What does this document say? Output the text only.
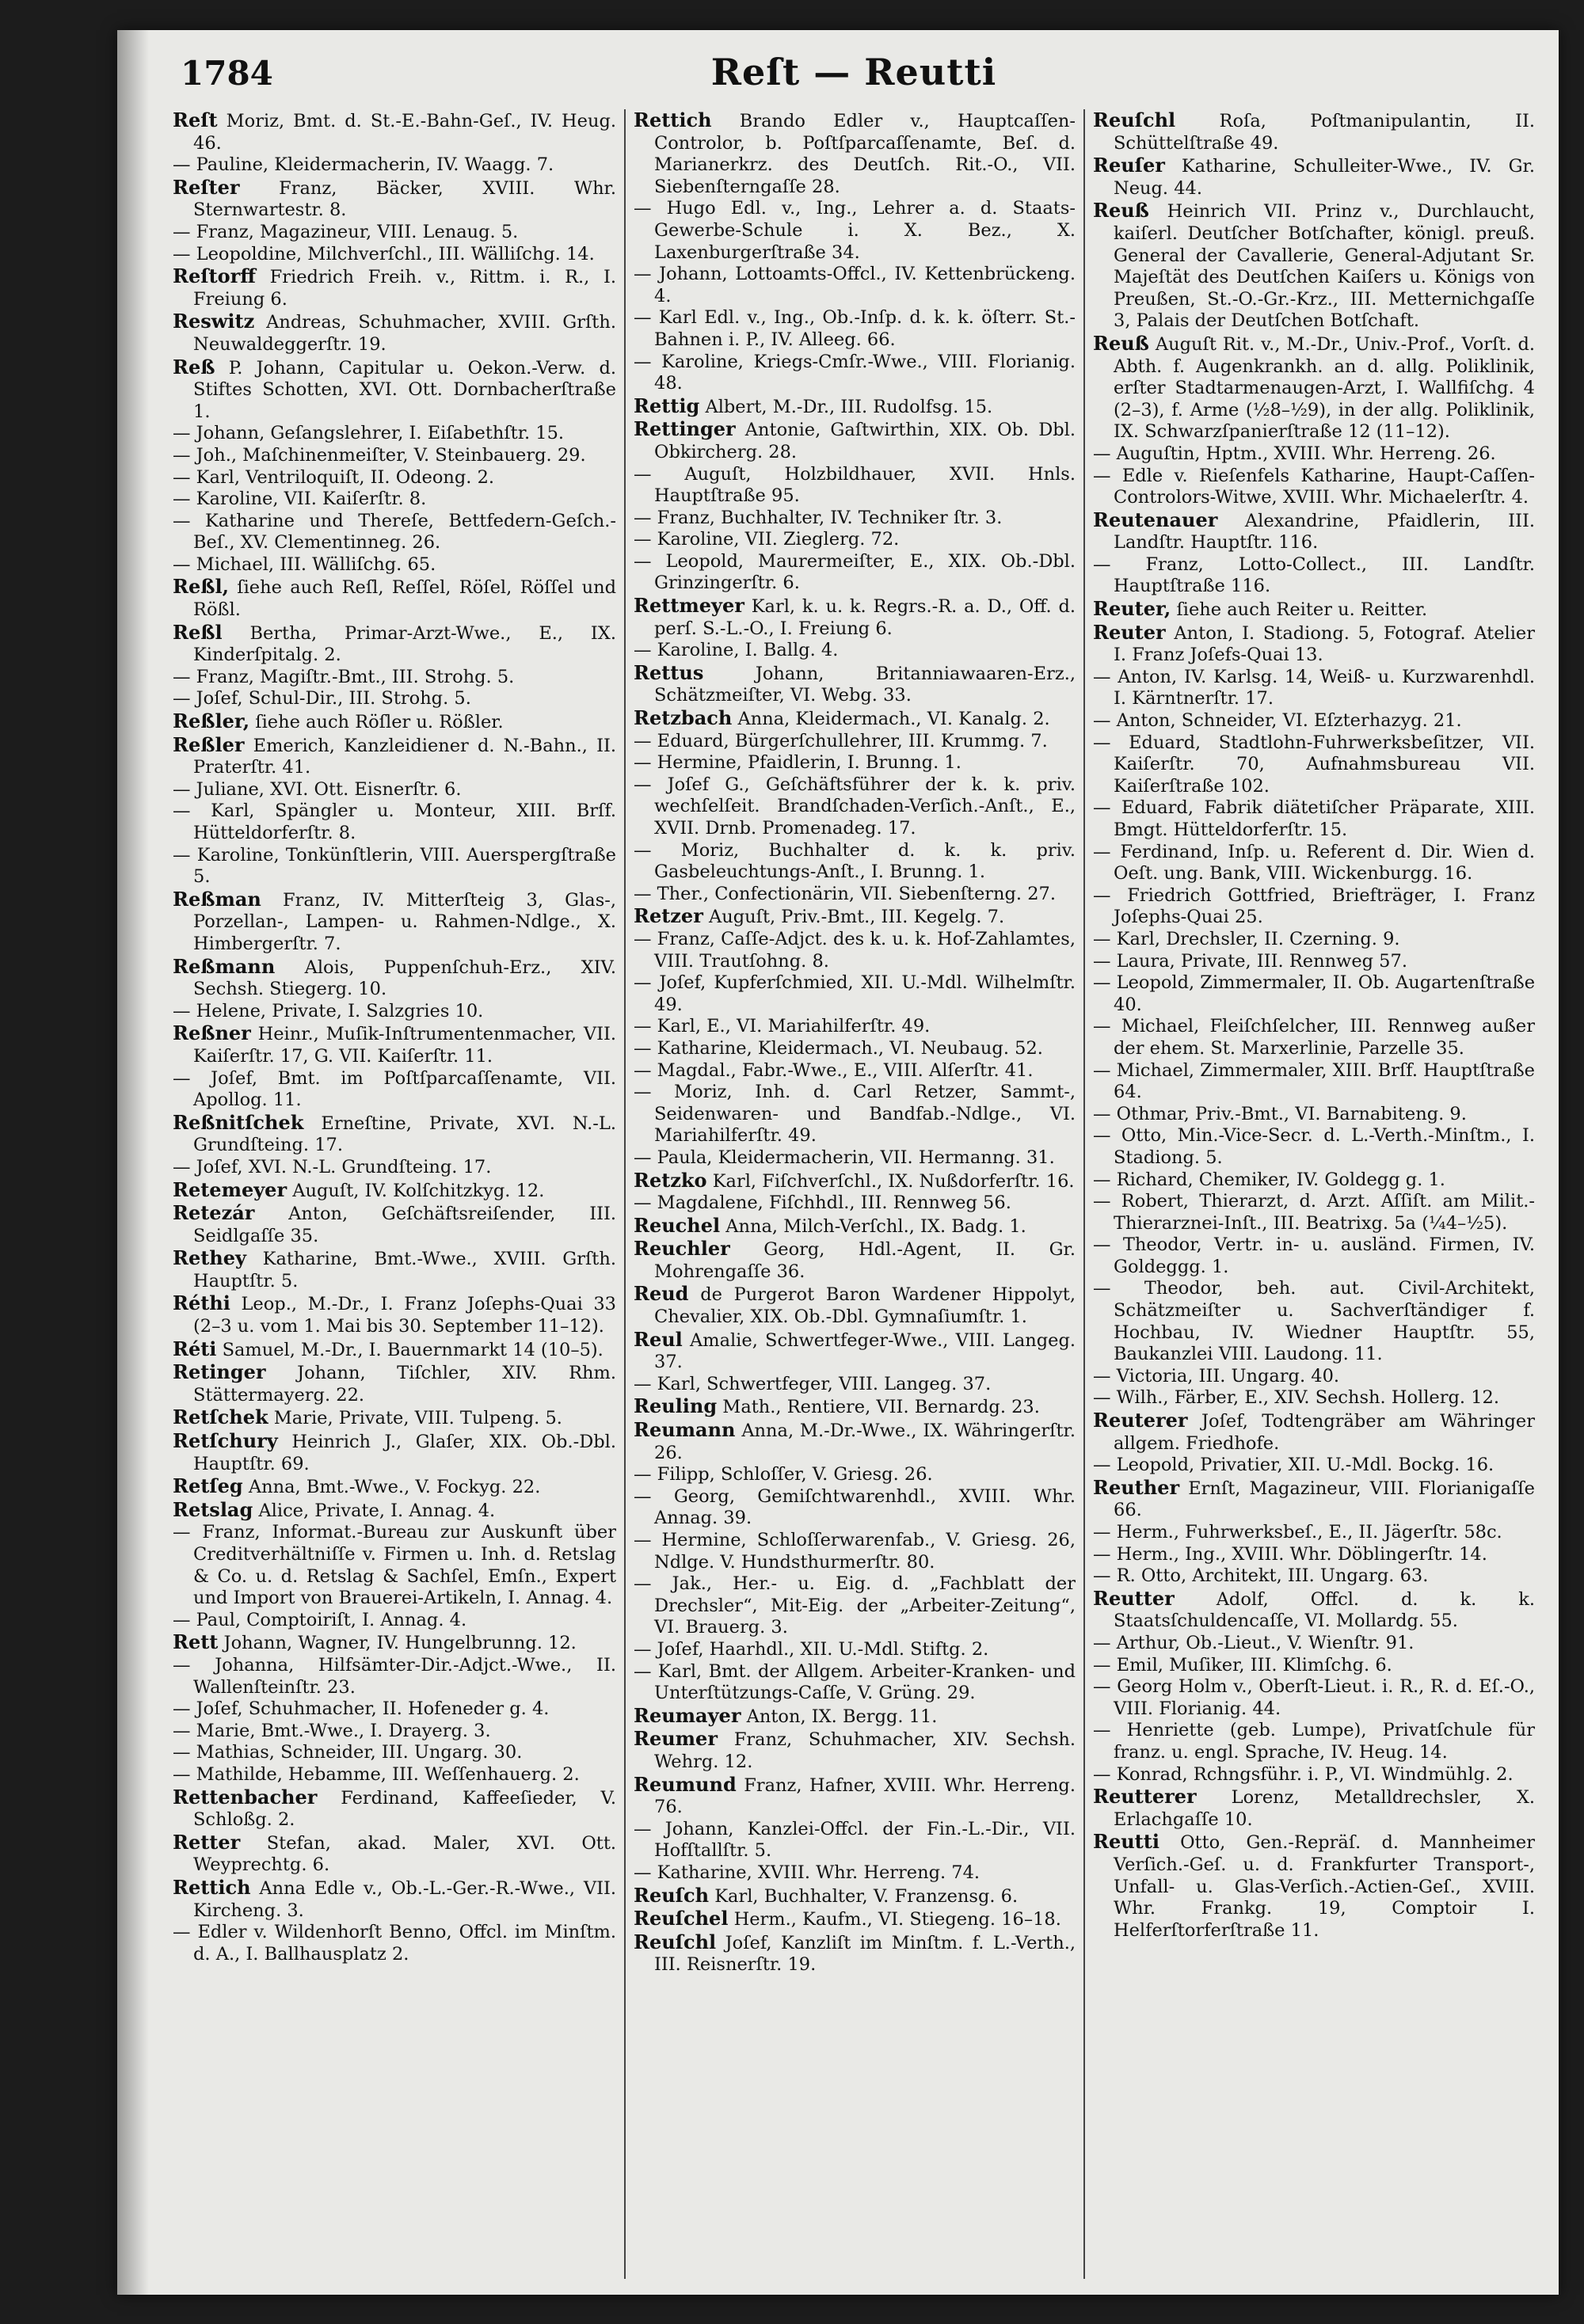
1784	Reſt — Reutti

Reſt Moriz, Bmt. d. St.-E.-Bahn-Geſ., IV. Heug. 46.

— Pauline, Kleidermacherin, IV. Waagg. 7.

Reſter Franz, Bäcker, XVIII. Whr. Sternwartestr. 8.

— Franz, Magazineur, VIII. Lenaug. 5.

— Leopoldine, Milchverſchl., III. Wälliſchg. 14.

Reſtorff Friedrich Freih. v., Rittm. i. R., I. Freiung 6.

Reswitz Andreas, Schuhmacher, XVIII. Grſth. Neuwaldeggerſtr. 19.

Reß P. Johann, Capitular u. Oekon.-Verw. d. Stiftes Schotten, XVI. Ott. Dornbacherſtraße 1.

— Johann, Geſangslehrer, I. Eiſabethſtr. 15.

— Joh., Maſchinenmeiſter, V. Steinbauerg. 29.

— Karl, Ventriloquiſt, II. Odeong. 2.

— Karoline, VII. Kaiſerſtr. 8.

— Katharine und Thereſe, Bettfedern-Geſch.-Beſ., XV. Clementinneg. 26.

— Michael, III. Wälliſchg. 65.

Reßl, ſiehe auch Reſl, Reſſel, Röſel, Röſſel und Rößl.

Reßl Bertha, Primar-Arzt-Wwe., E., IX. Kinderſpitalg. 2.

— Franz, Magiſtr.-Bmt., III. Strohg. 5.

— Joſef, Schul-Dir., III. Strohg. 5.

Reßler, ſiehe auch Röſler u. Rößler.

Reßler Emerich, Kanzleidiener d. N.-Bahn., II. Praterſtr. 41.

— Juliane, XVI. Ott. Eisnerſtr. 6.

— Karl, Spängler u. Monteur, XIII. Brſf. Hütteldorferſtr. 8.

— Karoline, Tonkünſtlerin, VIII. Auerspergſtraße 5.

Reßman Franz, IV. Mitterſteig 3, Glas-, Porzellan-, Lampen- u. Rahmen-Ndlge., X. Himbergerſtr. 7.

Reßmann Alois, Puppenſchuh-Erz., XIV. Sechsh. Stiegerg. 10.

— Helene, Private, I. Salzgries 10.

Reßner Heinr., Muſik-Inſtrumentenmacher, VII. Kaiſerſtr. 17, G. VII. Kaiſerſtr. 11.

— Joſef, Bmt. im Poſtſparcaſſenamte, VII. Apollog. 11.

Reßnitſchek Erneſtine, Private, XVI. N.-L. Grundſteing. 17.

— Joſef, XVI. N.-L. Grundſteing. 17.

Retemeyer Auguſt, IV. Kolſchitzkyg. 12.

Retezár Anton, Geſchäftsreiſender, III. Seidlgaſſe 35.

Rethey Katharine, Bmt.-Wwe., XVIII. Grſth. Hauptſtr. 5.

Réthi Leop., M.-Dr., I. Franz Joſephs-Quai 33 (2–3 u. vom 1. Mai bis 30. September 11–12).

Réti Samuel, M.-Dr., I. Bauernmarkt 14 (10–5).

Retinger Johann, Tiſchler, XIV. Rhm. Stättermayerg. 22.

Retſchek Marie, Private, VIII. Tulpeng. 5.

Retſchury Heinrich J., Glaſer, XIX. Ob.-Dbl. Hauptſtr. 69.

Retſeg Anna, Bmt.-Wwe., V. Fockyg. 22.

Retslag Alice, Private, I. Annag. 4.

— Franz, Informat.-Bureau zur Auskunft über Creditverhältniſſe v. Firmen u. Inh. d. Retslag & Co. u. d. Retslag & Sachſel, Emſn., Expert und Import von Brauerei-Artikeln, I. Annag. 4.

— Paul, Comptoiriſt, I. Annag. 4.

Rett Johann, Wagner, IV. Hungelbrunng. 12.

— Johanna, Hilfsämter-Dir.-Adjct.-Wwe., II. Wallenſteinſtr. 23.

— Joſef, Schuhmacher, II. Hofeneder g. 4.

— Marie, Bmt.-Wwe., I. Drayerg. 3.

— Mathias, Schneider, III. Ungarg. 30.

— Mathilde, Hebamme, III. Weſſenhauerg. 2.

Rettenbacher Ferdinand, Kaffeeſieder, V. Schloßg. 2.

Retter Stefan, akad. Maler, XVI. Ott. Weyprechtg. 6.

Rettich Anna Edle v., Ob.-L.-Ger.-R.-Wwe., VII. Kircheng. 3.

— Edler v. Wildenhorſt Benno, Offcl. im Minſtm. d. A., I. Ballhausplatz 2.

Rettich Brando Edler v., Hauptcaſſen-Controlor, b. Poſtſparcaſſenamte, Beſ. d. Marianerkrz. des Deutſch. Rit.-O., VII. Siebenſterngaſſe 28.

— Hugo Edl. v., Ing., Lehrer a. d. Staats-Gewerbe-Schule i. X. Bez., X. Laxenburgerſtraße 34.

— Johann, Lottoamts-Offcl., IV. Kettenbrückeng. 4.

— Karl Edl. v., Ing., Ob.-Inſp. d. k. k. öſterr. St.-Bahnen i. P., IV. Alleeg. 66.

— Karoline, Kriegs-Cmſr.-Wwe., VIII. Florianig. 48.

Rettig Albert, M.-Dr., III. Rudolfsg. 15.

Rettinger Antonie, Gaſtwirthin, XIX. Ob. Dbl. Obkircherg. 28.

— Auguſt, Holzbildhauer, XVII. Hnls. Hauptſtraße 95.

— Franz, Buchhalter, IV. Techniker ſtr. 3.

— Karoline, VII. Zieglerg. 72.

— Leopold, Maurermeiſter, E., XIX. Ob.-Dbl. Grinzingerſtr. 6.

Rettmeyer Karl, k. u. k. Regrs.-R. a. D., Off. d. perſ. S.-L.-O., I. Freiung 6.

— Karoline, I. Ballg. 4.

Rettus	Johann, Britanniawaaren-Erz., Schätzmeiſter, VI. Webg. 33.

Retzbach Anna, Kleidermach., VI. Kanalg. 2.

— Eduard, Bürgerſchullehrer, III. Krummg. 7.

— Hermine, Pfaidlerin, I. Brunng. 1.

— Joſef G., Geſchäftsführer der k. k. priv. wechſelſeit. Brandſchaden-Verſich.-Anſt., E., XVII. Drnb. Promenadeg. 17.

— Moriz, Buchhalter d. k. k. priv. Gasbeleuchtungs-Anſt., I. Brunng. 1.

— Ther., Confectionärin, VII. Siebenſterng. 27.

Retzer Auguſt, Priv.-Bmt., III. Kegelg. 7.

— Franz, Caſſe-Adjct. des k. u. k. Hof-Zahlamtes, VIII. Trautſohng. 8.

— Joſef, Kupferſchmied, XII. U.-Mdl. Wilhelmſtr. 49.

— Karl, E., VI. Mariahilferſtr. 49.

— Katharine, Kleidermach., VI. Neubaug. 52.

— Magdal., Fabr.-Wwe., E., VIII. Alſerſtr. 41.

— Moriz, Inh. d. Carl Retzer, Sammt-, Seidenwaren- und Bandfab.-Ndlge., VI. Mariahilferſtr. 49.

— Paula, Kleidermacherin, VII. Hermanng. 31.

Retzko Karl, Fiſchverſchl., IX. Nußdorferſtr. 16.

— Magdalene, Fiſchhdl., III. Rennweg 56.

Reuchel Anna, Milch-Verſchl., IX. Badg. 1.

Reuchler Georg, Hdl.-Agent, II. Gr. Mohrengaſſe 36.

Reud de Purgerot Baron Wardener Hippolyt, Chevalier, XIX. Ob.-Dbl. Gymnaſiumſtr. 1.

Reul Amalie, Schwertfeger-Wwe., VIII. Langeg. 37.

— Karl, Schwertfeger, VIII. Langeg. 37.

Reuling Math., Rentiere, VII. Bernardg. 23.

Reumann Anna, M.-Dr.-Wwe., IX. Währingerſtr. 26.

— Filipp, Schloſſer, V. Griesg. 26.

— Georg, Gemiſchtwarenhdl., XVIII. Whr. Annag. 39.

— Hermine, Schloſſerwarenfab., V. Griesg. 26, Ndlge. V. Hundsthurmerſtr. 80.

— Jak., Her.- u. Eig. d. „Fachblatt der Drechsler“, Mit-Eig. der „Arbeiter-Zeitung“, VI. Brauerg. 3.

— Joſef, Haarhdl., XII. U.-Mdl. Stiftg. 2.

— Karl, Bmt. der Allgem. Arbeiter-Kranken- und Unterſtützungs-Caſſe, V. Grüng. 29.

Reumayer Anton, IX. Bergg. 11.

Reumer Franz, Schuhmacher, XIV. Sechsh. Wehrg. 12.

Reumund Franz, Hafner, XVIII. Whr. Herreng. 76.

— Johann, Kanzlei-Offcl. der Fin.-L.-Dir., VII. Hofſtallſtr. 5.

— Katharine, XVIII. Whr. Herreng. 74.

Reuſch Karl, Buchhalter, V. Franzensg. 6.

Reuſchel Herm., Kaufm., VI. Stiegeng. 16–18.

Reuſchl Joſef, Kanzliſt im Minſtm. f. L.-Verth., III. Reisnerſtr. 19.

Reuſchl Roſa, Poſtmanipulantin, II. Schüttelſtraße 49.

Reuſer Katharine, Schulleiter-Wwe., IV. Gr. Neug. 44.

Reuß Heinrich VII. Prinz v., Durchlaucht, kaiſerl. Deutſcher Botſchafter, königl. preuß. General der Cavallerie, General-Adjutant Sr. Majeſtät des Deutſchen Kaiſers u. Königs von Preußen, St.-O.-Gr.-Krz., III. Metternichgaſſe 3, Palais der Deutſchen Botſchaft.

Reuß Auguſt Rit. v., M.-Dr., Univ.-Prof., Vorſt. d. Abth. f. Augenkrankh. an d. allg. Poliklinik, erſter Stadtarmenaugen-Arzt, I. Wallfiſchg. 4 (2–3), f. Arme (½8–½9), in der allg. Poliklinik, IX. Schwarzſpanierſtraße 12 (11–12).

— Auguſtin, Hptm., XVIII. Whr. Herreng. 26.

— Edle v. Rieſenfels Katharine, Haupt-Caſſen-Controlors-Witwe, XVIII. Whr. Michaelerſtr. 4.

Reutenauer Alexandrine, Pfaidlerin, III. Landſtr. Hauptſtr. 116.

— Franz, Lotto-Collect., III. Landſtr. Hauptſtraße 116.

Reuter, ſiehe auch Reiter u. Reitter.

Reuter Anton, I. Stadiong. 5, Fotograf. Atelier I. Franz Joſefs-Quai 13.

— Anton, IV. Karlsg. 14, Weiß- u. Kurzwarenhdl. I. Kärntnerſtr. 17.

— Anton, Schneider, VI. Eſzterhazyg. 21.

— Eduard, Stadtlohn-Fuhrwerksbeſitzer, VII. Kaiſerſtr. 70, Aufnahmsbureau VII. Kaiſerſtraße 102.

— Eduard, Fabrik diätetiſcher Präparate, XIII. Bmgt. Hütteldorferſtr. 15.

— Ferdinand, Inſp. u. Referent d. Dir. Wien d. Oeſt. ung. Bank, VIII. Wickenburgg. 16.

— Friedrich Gottfried, Briefträger, I. Franz Joſephs-Quai 25.

— Karl, Drechsler, II. Czerning. 9.

— Laura, Private, III. Rennweg 57.

— Leopold, Zimmermaler, II. Ob. Augartenſtraße 40.

— Michael, Fleiſchſelcher, III. Rennweg außer der ehem. St. Marxerlinie, Parzelle 35.

— Michael, Zimmermaler, XIII. Brſf. Hauptſtraße 64.

— Othmar, Priv.-Bmt., VI. Barnabiteng. 9.

— Otto, Min.-Vice-Secr. d. L.-Verth.-Minſtm., I. Stadiong. 5.

— Richard, Chemiker, IV. Goldegg g. 1.

— Robert, Thierarzt, d. Arzt. Aſſiſt. am Milit.-Thierarznei-Inſt., III. Beatrixg. 5a (¼4–½5).

— Theodor, Vertr. in- u. ausländ. Firmen, IV. Goldeggg. 1.

— Theodor, beh. aut. Civil-Architekt, Schätzmeiſter u. Sachverſtändiger f. Hochbau, IV. Wiedner Hauptſtr. 55, Baukanzlei VIII. Laudong. 11.

— Victoria, III. Ungarg. 40.

— Wilh., Färber, E., XIV. Sechsh. Hollerg. 12.

Reuterer Joſef, Todtengräber am Währinger allgem. Friedhofe.

— Leopold, Privatier, XII. U.-Mdl. Bockg. 16.

Reuther Ernſt, Magazineur, VIII. Florianigaſſe 66.

— Herm., Fuhrwerksbeſ., E., II. Jägerſtr. 58c.

— Herm., Ing., XVIII. Whr. Döblingerſtr. 14.

— R. Otto, Architekt, III. Ungarg. 63.

Reutter Adolf, Offcl. d. k. k. Staatsſchuldencaſſe, VI. Mollardg. 55.

— Arthur, Ob.-Lieut., V. Wienſtr. 91.

— Emil, Muſiker, III. Klimſchg. 6.

— Georg Holm v., Oberſt-Lieut. i. R., R. d. Eſ.-O., VIII. Florianig. 44.

— Henriette (geb. Lumpe), Privatſchule für franz. u. engl. Sprache, IV. Heug. 14.

— Konrad, Rchngsführ. i. P., VI. Windmühlg. 2.

Reutterer Lorenz, Metalldrechsler, X. Erlachgaſſe 10.

Reutti Otto, Gen.-Repräſ. d. Mannheimer Verſich.-Geſ. u. d. Frankfurter Transport-, Unfall- u. Glas-Verſich.-Actien-Geſ., XVIII. Whr. Frankg. 19, Comptoir I. Helferſtorferſtraße 11.
